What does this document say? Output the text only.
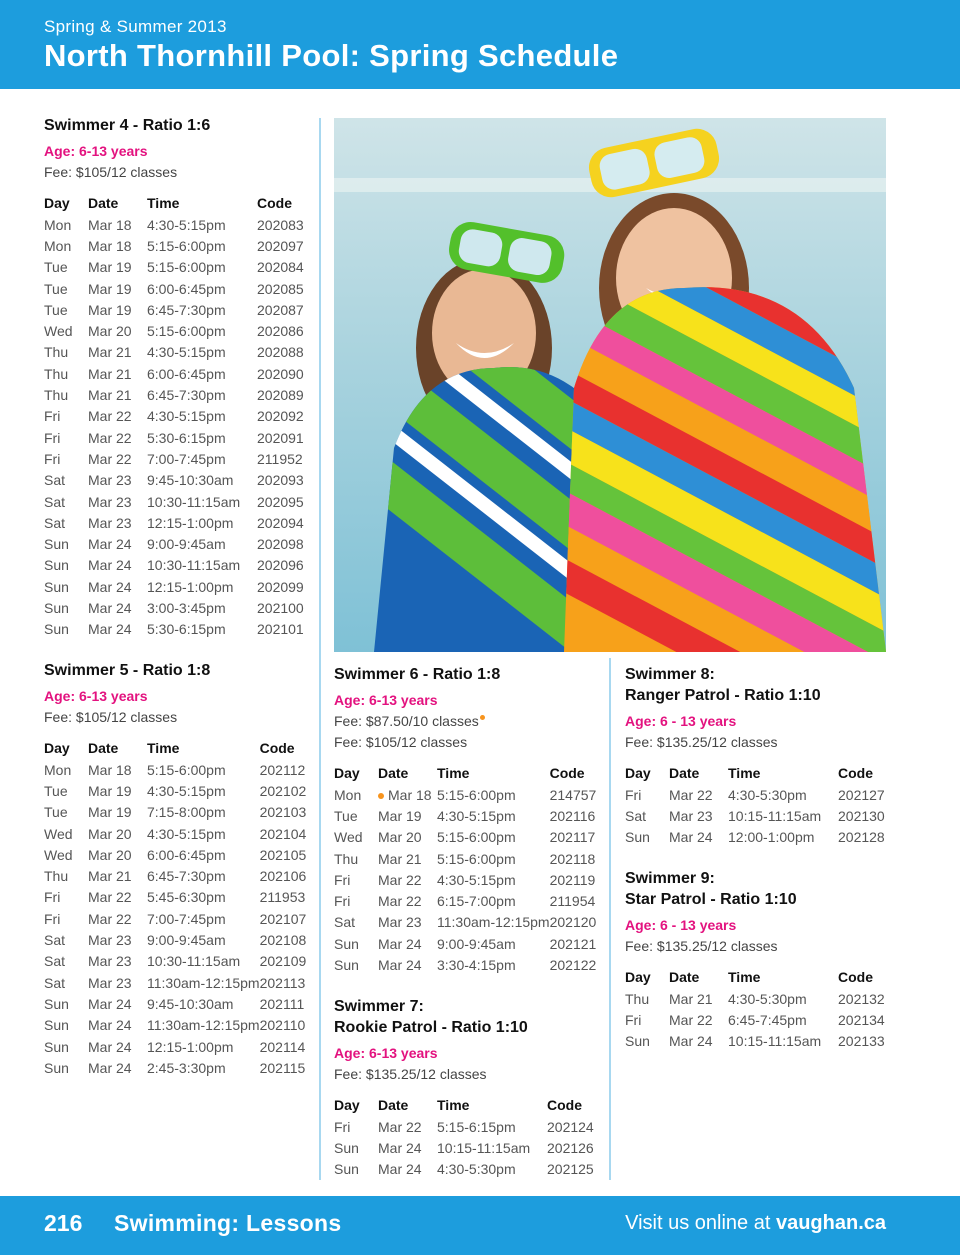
Spring & Summer 2013
North Thornhill Pool: Spring Schedule
Swimmer 4 - Ratio 1:6
Age: 6-13 years
Fee: $105/12 classes
Day	Date	Time	Code
Mon	Mar 18	4:30-5:15pm	202083
Mon	Mar 18	5:15-6:00pm	202097
Tue	Mar 19	5:15-6:00pm	202084
Tue	Mar 19	6:00-6:45pm	202085
Tue	Mar 19	6:45-7:30pm	202087
Wed	Mar 20	5:15-6:00pm	202086
Thu	Mar 21	4:30-5:15pm	202088
Thu	Mar 21	6:00-6:45pm	202090
Thu	Mar 21	6:45-7:30pm	202089
Fri	Mar 22	4:30-5:15pm	202092
Fri	Mar 22	5:30-6:15pm	202091
Fri	Mar 22	7:00-7:45pm	211952
Sat	Mar 23	9:45-10:30am	202093
Sat	Mar 23	10:30-11:15am	202095
Sat	Mar 23	12:15-1:00pm	202094
Sun	Mar 24	9:00-9:45am	202098
Sun	Mar 24	10:30-11:15am	202096
Sun	Mar 24	12:15-1:00pm	202099
Sun	Mar 24	3:00-3:45pm	202100
Sun	Mar 24	5:30-6:15pm	202101
Swimmer 5 - Ratio 1:8
Age: 6-13 years
Fee: $105/12 classes
Day	Date	Time	Code
Mon	Mar 18	5:15-6:00pm	202112
Tue	Mar 19	4:30-5:15pm	202102
Tue	Mar 19	7:15-8:00pm	202103
Wed	Mar 20	4:30-5:15pm	202104
Wed	Mar 20	6:00-6:45pm	202105
Thu	Mar 21	6:45-7:30pm	202106
Fri	Mar 22	5:45-6:30pm	211953
Fri	Mar 22	7:00-7:45pm	202107
Sat	Mar 23	9:00-9:45am	202108
Sat	Mar 23	10:30-11:15am	202109
Sat	Mar 23	11:30am-12:15pm	202113
Sun	Mar 24	9:45-10:30am	202111
Sun	Mar 24	11:30am-12:15pm	202110
Sun	Mar 24	12:15-1:00pm	202114
Sun	Mar 24	2:45-3:30pm	202115
Swimmer 6 - Ratio 1:8
Age: 6-13 years
Fee: $87.50/10 classes
Fee: $105/12 classes
Day	Date	Time	Code
Mon	Mar 18	5:15-6:00pm	214757
Tue	Mar 19	4:30-5:15pm	202116
Wed	Mar 20	5:15-6:00pm	202117
Thu	Mar 21	5:15-6:00pm	202118
Fri	Mar 22	4:30-5:15pm	202119
Fri	Mar 22	6:15-7:00pm	211954
Sat	Mar 23	11:30am-12:15pm	202120
Sun	Mar 24	9:00-9:45am	202121
Sun	Mar 24	3:30-4:15pm	202122
Swimmer 7:
Rookie Patrol - Ratio 1:10
Age: 6-13 years
Fee: $135.25/12 classes
Day	Date	Time	Code
Fri	Mar 22	5:15-6:15pm	202124
Sun	Mar 24	10:15-11:15am	202126
Sun	Mar 24	4:30-5:30pm	202125
Swimmer 8:
Ranger Patrol - Ratio 1:10
Age: 6 - 13 years
Fee: $135.25/12 classes
Day	Date	Time	Code
Fri	Mar 22	4:30-5:30pm	202127
Sat	Mar 23	10:15-11:15am	202130
Sun	Mar 24	12:00-1:00pm	202128
Swimmer 9:
Star Patrol - Ratio 1:10
Age: 6 - 13 years
Fee: $135.25/12 classes
Day	Date	Time	Code
Thu	Mar 21	4:30-5:30pm	202132
Fri	Mar 22	6:45-7:45pm	202134
Sun	Mar 24	10:15-11:15am	202133
216 Swimming: Lessons	Visit us online at vaughan.ca
